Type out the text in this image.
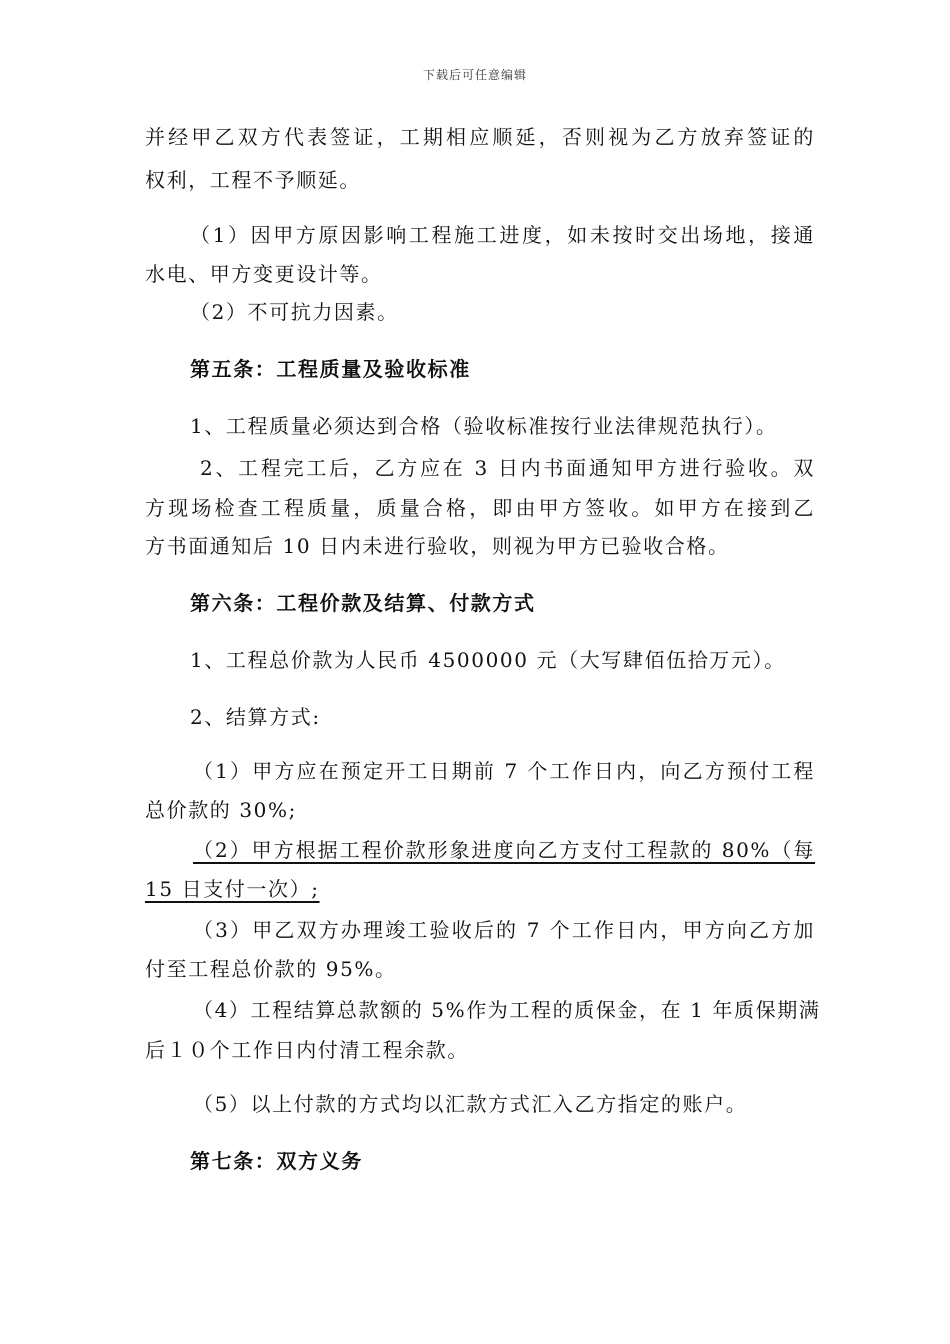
下载后可任意编辑
并经甲乙双方代表签证，工期相应顺延，否则视为乙方放弃签证的
权利，工程不予顺延。
（1）因甲方原因影响工程施工进度，如未按时交出场地，接通
水电、甲方变更设计等。
（2）不可抗力因素。
第五条：工程质量及验收标准
1、工程质量必须达到合格（验收标准按行业法律规范执行）。
2、工程完工后，乙方应在 3 日内书面通知甲方进行验收。双
方现场检查工程质量，质量合格，即由甲方签收。如甲方在接到乙
方书面通知后 10 日内未进行验收，则视为甲方已验收合格。
第六条：工程价款及结算、付款方式
1、工程总价款为人民币 4500000 元（大写肆佰伍拾万元）。
2、结算方式:
（1）甲方应在预定开工日期前 7 个工作日内，向乙方预付工程
总价款的 30%;
（2）甲方根据工程价款形象进度向乙方支付工程款的 80%（每
15 日支付一次）;
（3）甲乙双方办理竣工验收后的 7 个工作日内，甲方向乙方加
付至工程总价款的 95%。
（4）工程结算总款额的 5%作为工程的质保金，在 1 年质保期满
后１０个工作日内付清工程余款。
（5）以上付款的方式均以汇款方式汇入乙方指定的账户。
第七条：双方义务
